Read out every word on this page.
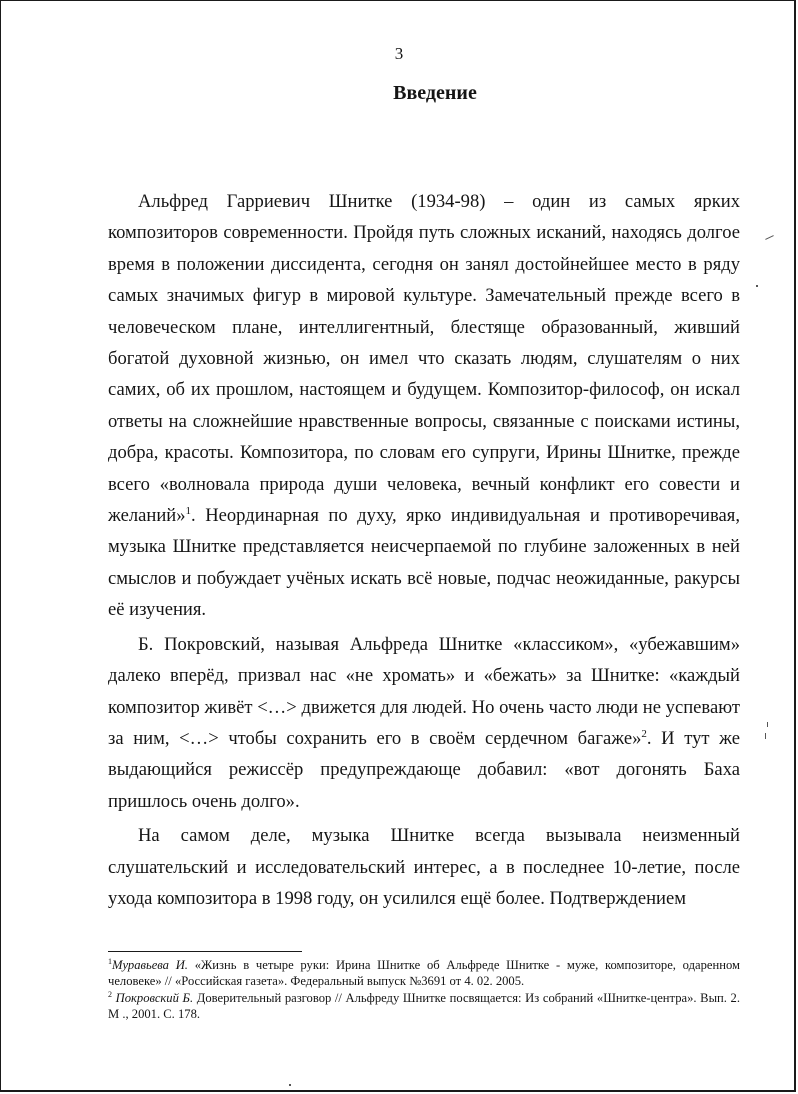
3
Введение

Альфред Гарриевич Шнитке (1934-98) – один из самых ярких композиторов современности. Пройдя путь сложных исканий, находясь долгое время в положении диссидента, сегодня он занял достойнейшее место в ряду самых значимых фигур в мировой культуре. Замечательный прежде всего в человеческом плане, интеллигентный, блестяще образованный, живший богатой духовной жизнью, он имел что сказать людям, слушателям о них самих, об их прошлом, настоящем и будущем. Композитор-философ, он искал ответы на сложнейшие нравственные вопросы, связанные с поисками истины, добра, красоты. Композитора, по словам его супруги, Ирины Шнитке, прежде всего «волновала природа души человека, вечный конфликт его совести и желаний»$^1$. Неординарная по духу, ярко индивидуальная и противоречивая, музыка Шнитке представляется неисчерпаемой по глубине заложенных в ней смыслов и побуждает учёных искать всё новые, подчас неожиданные, ракурсы её изучения.

Б. Покровский, называя Альфреда Шнитке «классиком», «убежавшим» далеко вперёд, призвал нас «не хромать» и «бежать» за Шнитке: «каждый композитор живёт <…> движется для людей. Но очень часто люди не успевают за ним, <…> чтобы сохранить его в своём сердечном багаже»$^2$. И тут же выдающийся режиссёр предупреждающе добавил: «вот догонять Баха пришлось очень долго».

На самом деле, музыка Шнитке всегда вызывала неизменный слушательский и исследовательский интерес, а в последнее 10-летие, после ухода композитора в 1998 году, он усилился ещё более. Подтверждением

$^1$Муравьева И. «Жизнь в четыре руки: Ирина Шнитке об Альфреде Шнитке - муже, композиторе, одаренном человеке» // «Российская газета». Федеральный выпуск №3691 от 4. 02. 2005.

$^2$ Покровский Б. Доверительный разговор // Альфреду Шнитке посвящается: Из собраний «Шнитке-центра». Вып. 2. М ., 2001. С. 178.
